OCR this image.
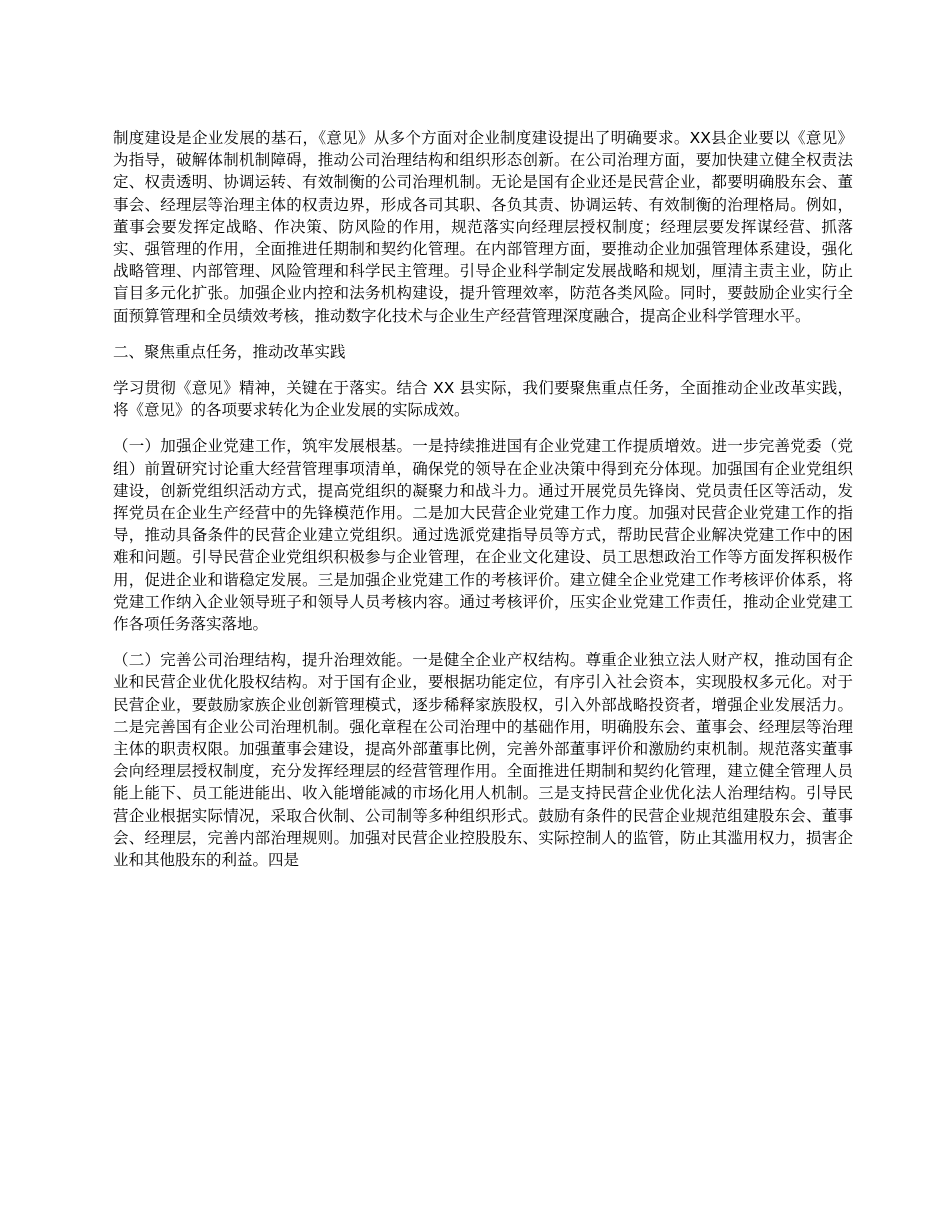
制度建设是企业发展的基石，《意见》从多个方面对企业制度建设提出了明确要求。XX县企业要以《意见》为指导，破解体制机制障碍，推动公司治理结构和组织形态创新。在公司治理方面，要加快建立健全权责法定、权责透明、协调运转、有效制衡的公司治理机制。无论是国有企业还是民营企业，都要明确股东会、董事会、经理层等治理主体的权责边界，形成各司其职、各负其责、协调运转、有效制衡的治理格局。例如，董事会要发挥定战略、作决策、防风险的作用，规范落实向经理层授权制度；经理层要发挥谋经营、抓落实、强管理的作用，全面推进任期制和契约化管理。在内部管理方面，要推动企业加强管理体系建设，强化战略管理、内部管理、风险管理和科学民主管理。引导企业科学制定发展战略和规划，厘清主责主业，防止盲目多元化扩张。加强企业内控和法务机构建设，提升管理效率，防范各类风险。同时，要鼓励企业实行全面预算管理和全员绩效考核，推动数字化技术与企业生产经营管理深度融合，提高企业科学管理水平。

二、聚焦重点任务，推动改革实践

学习贯彻《意见》精神，关键在于落实。结合 XX 县实际，我们要聚焦重点任务，全面推动企业改革实践，将《意见》的各项要求转化为企业发展的实际成效。

（一）加强企业党建工作，筑牢发展根基。一是持续推进国有企业党建工作提质增效。进一步完善党委（党组）前置研究讨论重大经营管理事项清单，确保党的领导在企业决策中得到充分体现。加强国有企业党组织建设，创新党组织活动方式，提高党组织的凝聚力和战斗力。通过开展党员先锋岗、党员责任区等活动，发挥党员在企业生产经营中的先锋模范作用。二是加大民营企业党建工作力度。加强对民营企业党建工作的指导，推动具备条件的民营企业建立党组织。通过选派党建指导员等方式，帮助民营企业解决党建工作中的困难和问题。引导民营企业党组织积极参与企业管理，在企业文化建设、员工思想政治工作等方面发挥积极作用，促进企业和谐稳定发展。三是加强企业党建工作的考核评价。建立健全企业党建工作考核评价体系，将党建工作纳入企业领导班子和领导人员考核内容。通过考核评价，压实企业党建工作责任，推动企业党建工作各项任务落实落地。

（二）完善公司治理结构，提升治理效能。一是健全企业产权结构。尊重企业独立法人财产权，推动国有企业和民营企业优化股权结构。对于国有企业，要根据功能定位，有序引入社会资本，实现股权多元化。对于民营企业，要鼓励家族企业创新管理模式，逐步稀释家族股权，引入外部战略投资者，增强企业发展活力。二是完善国有企业公司治理机制。强化章程在公司治理中的基础作用，明确股东会、董事会、经理层等治理主体的职责权限。加强董事会建设，提高外部董事比例，完善外部董事评价和激励约束机制。规范落实董事会向经理层授权制度，充分发挥经理层的经营管理作用。全面推进任期制和契约化管理，建立健全管理人员能上能下、员工能进能出、收入能增能减的市场化用人机制。三是支持民营企业优化法人治理结构。引导民营企业根据实际情况，采取合伙制、公司制等多种组织形式。鼓励有条件的民营企业规范组建股东会、董事会、经理层，完善内部治理规则。加强对民营企业控股股东、实际控制人的监管，防止其滥用权力，损害企业和其他股东的利益。四是
